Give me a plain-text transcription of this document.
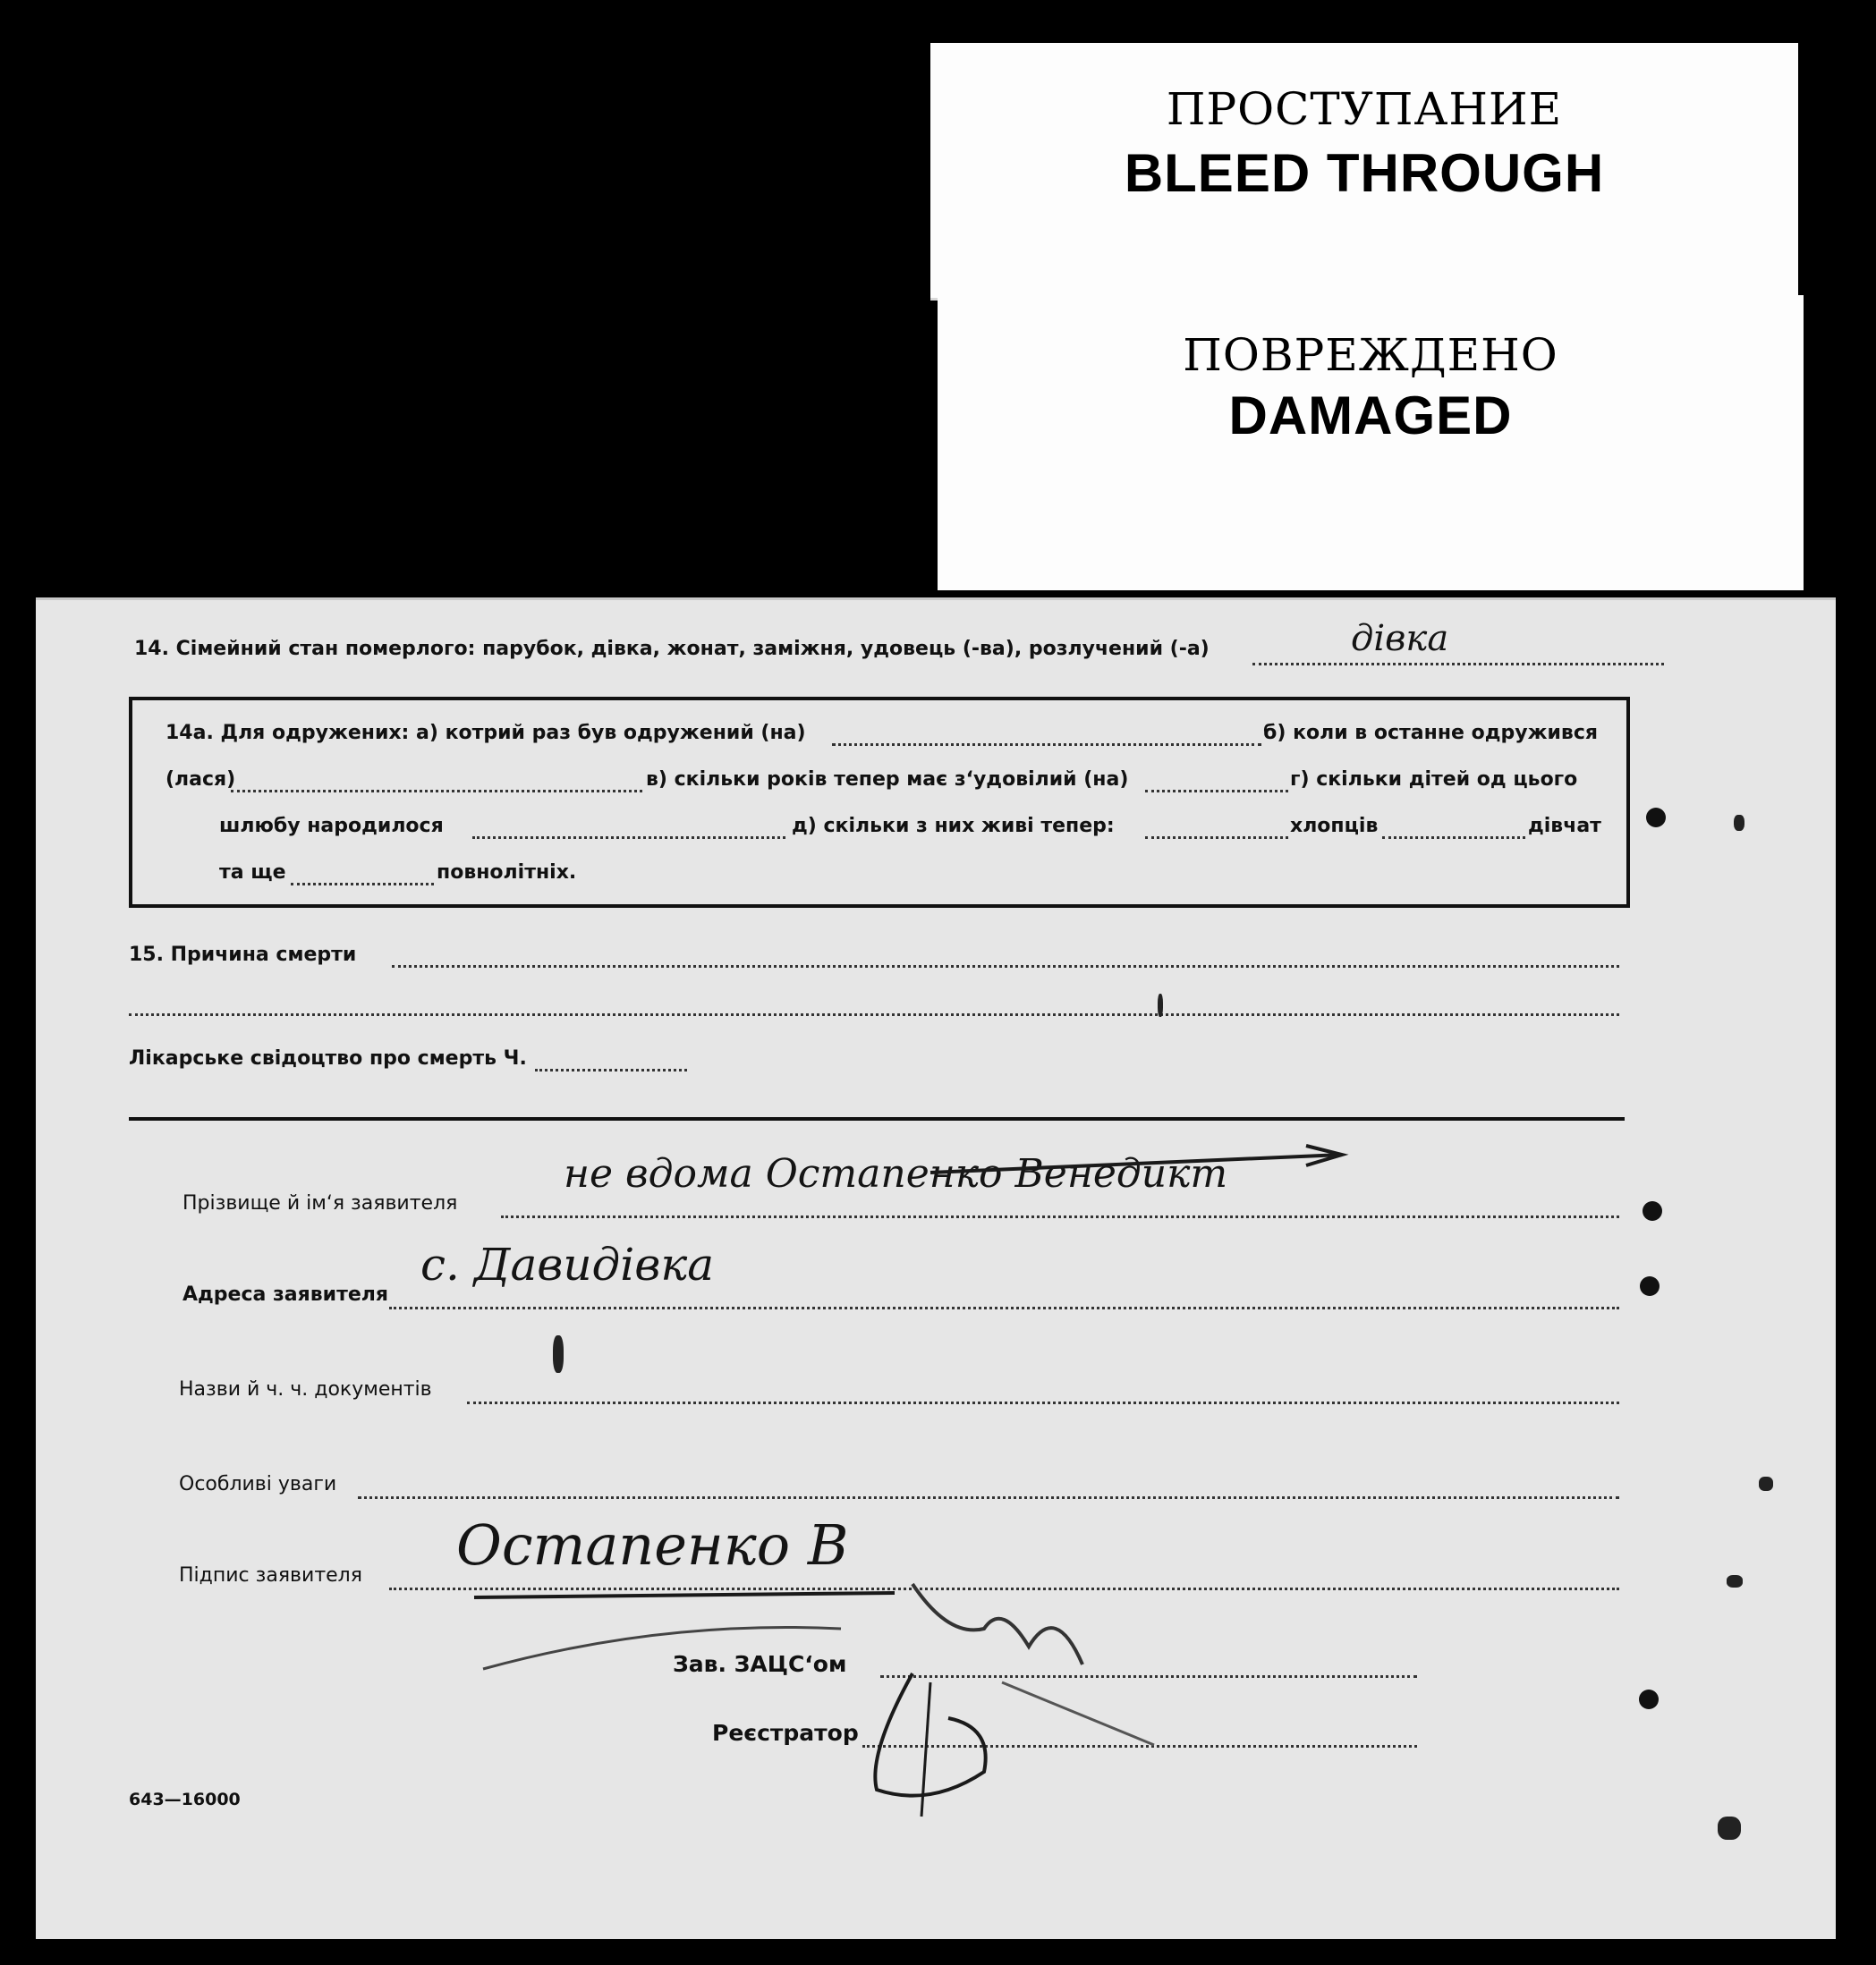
ПРОСТУПАНИЕ
BLEED THROUGH
ПОВРЕЖДЕНО
DAMAGED
14. Сімейний стан померлого: парубок, дівка, жонат, заміжня, удовець (-ва), розлучений (-а)	дівка
14а. Для одружених: а) котрий раз був одружений (на)	б) коли в останне одружився
(лася)	в) скільки років тепер має з‘удовілий (на)	г) скільки дітей од цього
шлюбу народилося	д) скільки з них живі тепер:	хлопців	дівчат
та ще	повнолітніх.
15. Причина смерти
Лікарське свідоцтво про смерть Ч.
Прізвище й ім‘я заявителя
не вдома Остапенко Венедикт
Адреса заявителя
с. Давидівка
Назви й ч. ч. документів
Особливі уваги
Підпис заявителя Остапенко В
Зав. ЗАЦС‘ом
Реєстратор
643—16000
